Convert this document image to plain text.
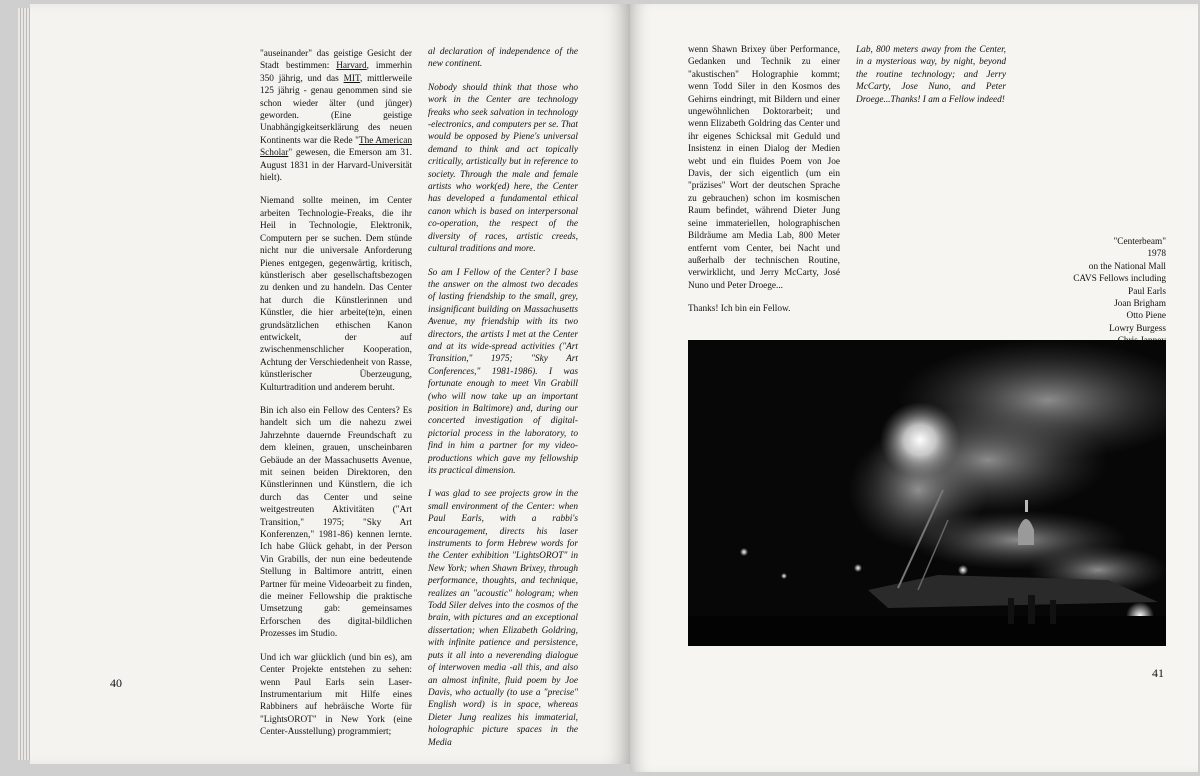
"auseinander" das geistige Gesicht der Stadt bestimmen: Harvard, immerhin 350 jährig, und das MIT, mittlerweile 125 jährig - genau genommen sind sie schon wieder älter (und jünger) geworden. (Eine geistige Unabhängigkeitserklärung des neuen Kontinents war die Rede "The American Scholar" gewesen, die Emerson am 31. August 1831 in der Harvard-Universität hielt).

Niemand sollte meinen, im Center arbeiten Technologie-Freaks, die ihr Heil in Technologie, Elektronik, Computern per se suchen. Dem stünde nicht nur die universale Anforderung Pienes entgegen, gegenwärtig, kritisch, künstlerisch aber gesellschaftsbezogen zu denken und zu handeln. Das Center hat durch die Künstlerinnen und Künstler, die hier arbeite(te)n, einen grundsätzlichen ethischen Kanon entwickelt, der auf zwischenmenschlicher Kooperation, Achtung der Verschiedenheit von Rasse, künstlerischer Überzeugung, Kulturtradition und anderem beruht.

Bin ich also ein Fellow des Centers? Es handelt sich um die nahezu zwei Jahrzehnte dauernde Freundschaft zu dem kleinen, grauen, unscheinbaren Gebäude an der Massachusetts Avenue, mit seinen beiden Direktoren, den Künstlerinnen und Künstlern, die ich durch das Center und seine weitgestreuten Aktivitäten ("Art Transition," 1975; "Sky Art Konferenzen," 1981-86) kennen lernte. Ich habe Glück gehabt, in der Person Vin Grabills, der nun eine bedeutende Stellung in Baltimore antritt, einen Partner für meine Videoarbeit zu finden, die meiner Fellowship die praktische Umsetzung gab: gemeinsames Erforschen des digital-bildlichen Prozesses im Studio.

Und ich war glücklich (und bin es), am Center Projekte entstehen zu sehen: wenn Paul Earls sein Laser-Instrumentarium mit Hilfe eines Rabbiners auf hebräische Worte für "LightsOROT" in New York (eine Center-Ausstellung) programmiert;

al declaration of independence of the new continent.

Nobody should think that those who work in the Center are technology freaks who seek salvation in technology -electronics, and computers per se. That would be opposed by Piene's universal demand to think and act topically critically, artistically but in reference to society. Through the male and female artists who work(ed) here, the Center has developed a fundamental ethical canon which is based on interpersonal co-operation, the respect of the diversity of races, artistic creeds, cultural traditions and more.

So am I Fellow of the Center? I base the answer on the almost two decades of lasting friendship to the small, grey, insignificant building on Massachusetts Avenue, my friendship with its two directors, the artists I met at the Center and at its wide-spread activities ("Art Transition," 1975; "Sky Art Conferences," 1981-1986). I was fortunate enough to meet Vin Grabill (who will now take up an important position in Baltimore) and, during our concerted investigation of digital-pictorial process in the laboratory, to find in him a partner for my video-productions which gave my fellowship its practical dimension.

I was glad to see projects grow in the small environment of the Center: when Paul Earls, with a rabbi's encouragement, directs his laser instruments to form Hebrew words for the Center exhibition "LightsOROT" in New York; when Shawn Brixey, through performance, thoughts, and technique, realizes an "acoustic" hologram; when Todd Siler delves into the cosmos of the brain, with pictures and an exceptional dissertation; when Elizabeth Goldring, with infinite patience and persistence, puts it all into a neverending dialogue of interwoven media -all this, and also an almost infinite, fluid poem by Joe Davis, who actually (to use a "precise" English word) is in space, whereas Dieter Jung realizes his immaterial, holographic picture spaces in the Media

40

wenn Shawn Brixey über Performance, Gedanken und Technik zu einer "akustischen" Holographie kommt; wenn Todd Siler in den Kosmos des Gehirns eindringt, mit Bildern und einer ungewöhnlichen Doktorarbeit; und wenn Elizabeth Goldring das Center und ihr eigenes Schicksal mit Geduld und Insistenz in einen Dialog der Medien webt und ein fluides Poem von Joe Davis, der sich eigentlich (um ein "präzises" Wort der deutschen Sprache zu gebrauchen) schon im kosmischen Raum befindet, während Dieter Jung seine immateriellen, holographischen Bildräume am Media Lab, 800 Meter entfernt vom Center, bei Nacht und außerhalb der technischen Routine, verwirklicht, und Jerry McCarty, José Nuno und Peter Droege...

Thanks! Ich bin ein Fellow.

Lab, 800 meters away from the Center, in a mysterious way, by night, beyond the routine technology; and Jerry McCarty, Jose Nuno, and Peter Droege...Thanks! I am a Fellow indeed!

"Centerbeam"
1978
on the National Mall
CAVS Fellows including
Paul Earls
Joan Brigham
Otto Piene
Lowry Burgess
41
